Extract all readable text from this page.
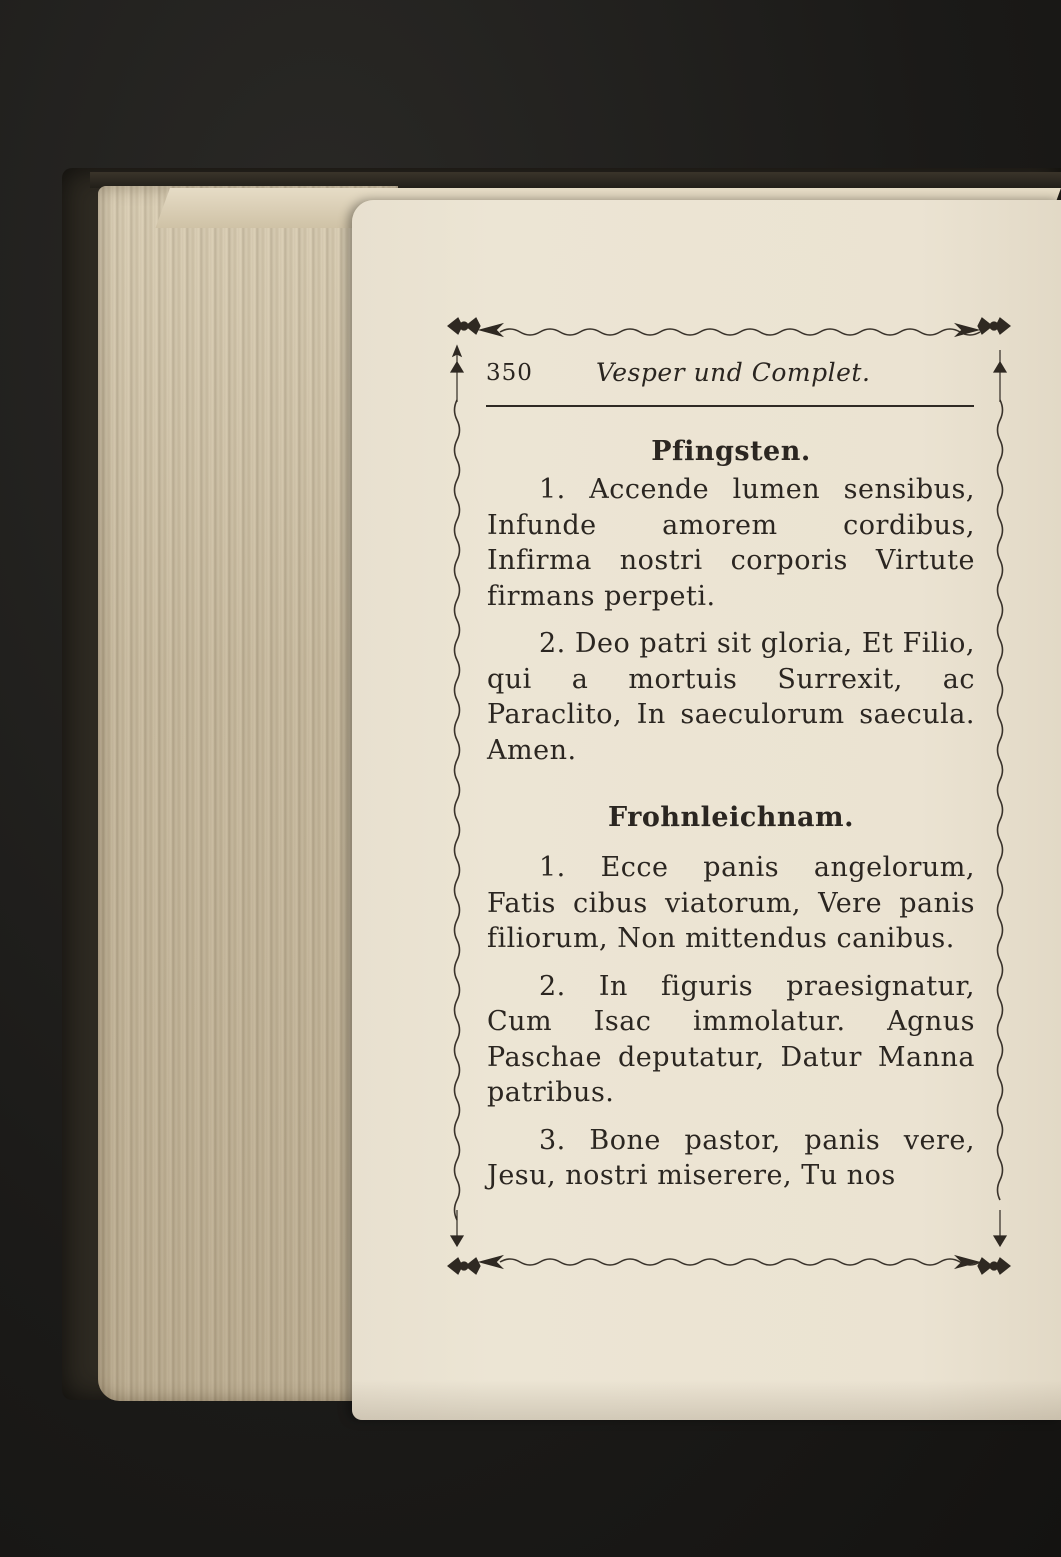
350	Vesper und Complet.
Pfingsten.

1. Accende lumen sensibus, Infunde amorem cordibus, Infirma nostri corporis Virtute firmans perpeti.

2. Deo patri sit gloria, Et Filio, qui a mortuis Surrexit, ac Paraclito, In saeculorum saecula. Amen.

Frohnleichnam.

1. Ecce panis angelorum, Fatis cibus viatorum, Vere panis filiorum, Non mittendus canibus.

2. In figuris praesignatur, Cum Isac immolatur. Agnus Paschae deputatur, Datur Manna patribus.

3. Bone pastor, panis vere, Jesu, nostri miserere, Tu nos
